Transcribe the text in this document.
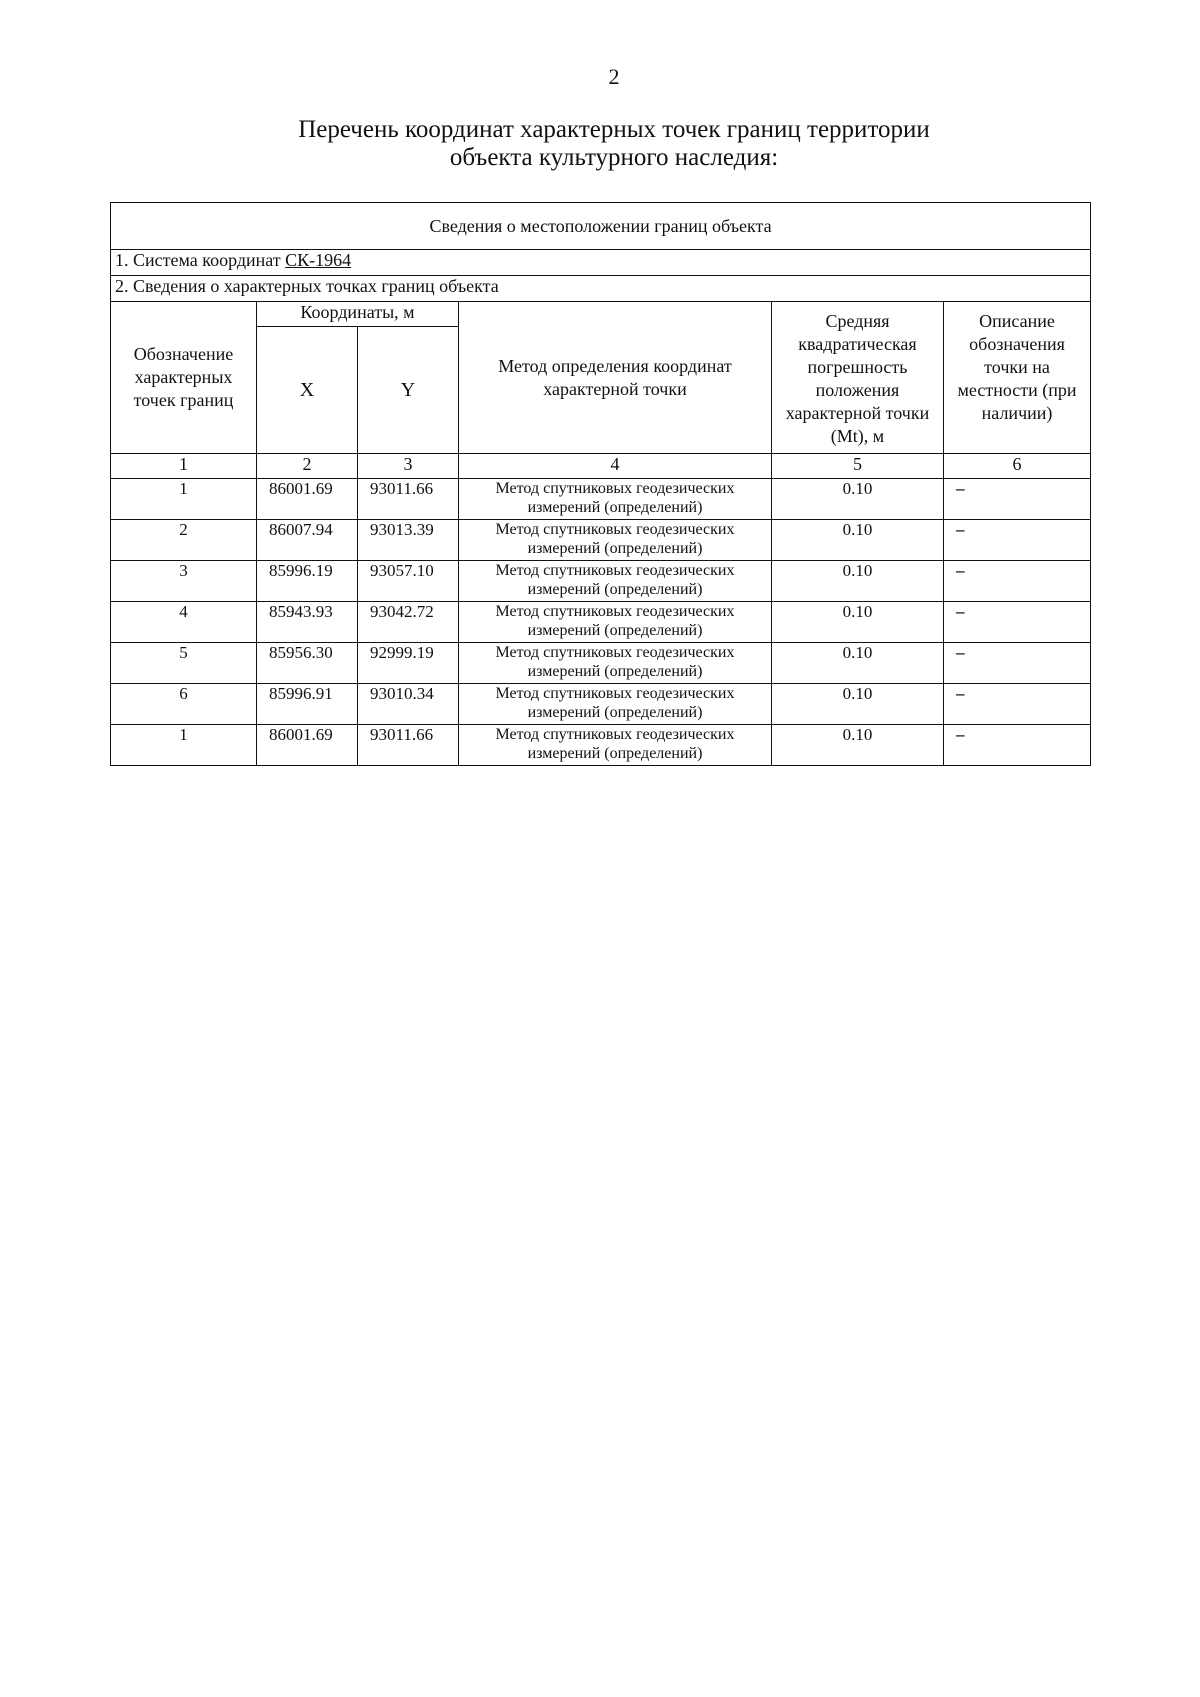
2
Перечень координат характерных точек границ территории
объекта культурного наследия:
Сведения о местоположении границ объекта					
1. Система координат СК-1964					
2. Сведения о характерных точках границ объекта					
Обозначение характерных точек границ	Координаты, м		Метод определения координат характерной точки	Средняя квадратическая погрешность положения характерной точки (Mt), м	Описание обозначения точки на местности (при наличии)
	X	Y			
1	2	3	4	5	6
1	86001.69	93011.66	Метод спутниковых геодезических измерений (определений)	0.10	–
2	86007.94	93013.39	Метод спутниковых геодезических измерений (определений)	0.10	–
3	85996.19	93057.10	Метод спутниковых геодезических измерений (определений)	0.10	–
4	85943.93	93042.72	Метод спутниковых геодезических измерений (определений)	0.10	–
5	85956.30	92999.19	Метод спутниковых геодезических измерений (определений)	0.10	–
6	85996.91	93010.34	Метод спутниковых геодезических измерений (определений)	0.10	–
1	86001.69	93011.66	Метод спутниковых геодезических измерений (определений)	0.10	–
